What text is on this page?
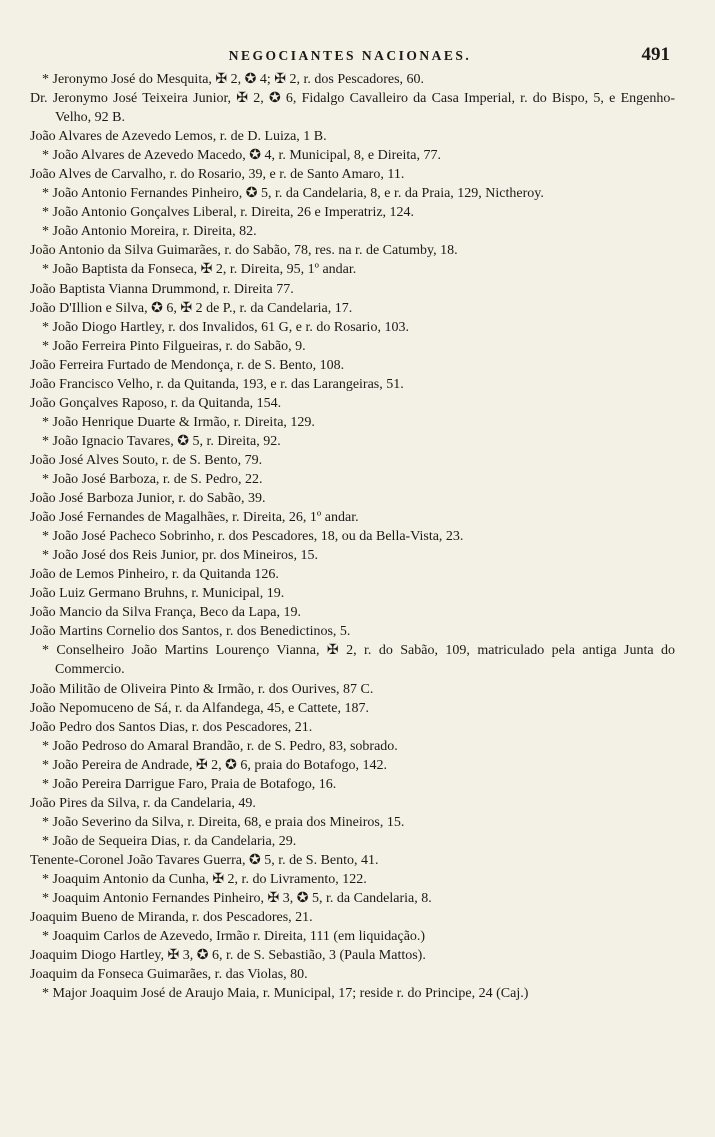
NEGOCIANTES NACIONAES.	491

* Jeronymo José do Mesquita, ✠ 2, ✪ 4; ✠ 2, r. dos Pescadores, 60.

Dr. Jeronymo José Teixeira Junior, ✠ 2, ✪ 6, Fidalgo Cavalleiro da Casa Imperial, r. do Bispo, 5, e Engenho-Velho, 92 B.

João Alvares de Azevedo Lemos, r. de D. Luiza, 1 B.

* João Alvares de Azevedo Macedo, ✪ 4, r. Municipal, 8, e Direita, 77.

João Alves de Carvalho, r. do Rosario, 39, e r. de Santo Amaro, 11.

* João Antonio Fernandes Pinheiro, ✪ 5, r. da Candelaria, 8, e r. da Praia, 129, Nictheroy.

* João Antonio Gonçalves Liberal, r. Direita, 26 e Imperatriz, 124.

* João Antonio Moreira, r. Direita, 82.

João Antonio da Silva Guimarães, r. do Sabão, 78, res. na r. de Catumby, 18.

* João Baptista da Fonseca, ✠ 2, r. Direita, 95, 1º andar.

João Baptista Vianna Drummond, r. Direita 77.

João D'Illion e Silva, ✪ 6, ✠ 2 de P., r. da Candelaria, 17.

* João Diogo Hartley, r. dos Invalidos, 61 G, e r. do Rosario, 103.

* João Ferreira Pinto Filgueiras, r. do Sabão, 9.

João Ferreira Furtado de Mendonça, r. de S. Bento, 108.

João Francisco Velho, r. da Quitanda, 193, e r. das Larangeiras, 51.

João Gonçalves Raposo, r. da Quitanda, 154.

* João Henrique Duarte & Irmão, r. Direita, 129.

* João Ignacio Tavares, ✪ 5, r. Direita, 92.

João José Alves Souto, r. de S. Bento, 79.

* João José Barboza, r. de S. Pedro, 22.

João José Barboza Junior, r. do Sabão, 39.

João José Fernandes de Magalhães, r. Direita, 26, 1º andar.

* João José Pacheco Sobrinho, r. dos Pescadores, 18, ou da Bella-Vista, 23.

* João José dos Reis Junior, pr. dos Mineiros, 15.

João de Lemos Pinheiro, r. da Quitanda 126.

João Luiz Germano Bruhns, r. Municipal, 19.

João Mancio da Silva França, Beco da Lapa, 19.

João Martins Cornelio dos Santos, r. dos Benedictinos, 5.

* Conselheiro João Martins Lourenço Vianna, ✠ 2, r. do Sabão, 109, matriculado pela antiga Junta do Commercio.

João Militão de Oliveira Pinto & Irmão, r. dos Ourives, 87 C.

João Nepomuceno de Sá, r. da Alfandega, 45, e Cattete, 187.

João Pedro dos Santos Dias, r. dos Pescadores, 21.

* João Pedroso do Amaral Brandão, r. de S. Pedro, 83, sobrado.

* João Pereira de Andrade, ✠ 2, ✪ 6, praia do Botafogo, 142.

* João Pereira Darrigue Faro, Praia de Botafogo, 16.

João Pires da Silva, r. da Candelaria, 49.

* João Severino da Silva, r. Direita, 68, e praia dos Mineiros, 15.

* João de Sequeira Dias, r. da Candelaria, 29.

Tenente-Coronel João Tavares Guerra, ✪ 5, r. de S. Bento, 41.

* Joaquim Antonio da Cunha, ✠ 2, r. do Livramento, 122.

* Joaquim Antonio Fernandes Pinheiro, ✠ 3, ✪ 5, r. da Candelaria, 8.

Joaquim Bueno de Miranda, r. dos Pescadores, 21.

* Joaquim Carlos de Azevedo, Irmão r. Direita, 111 (em liquidação.)

Joaquim Diogo Hartley, ✠ 3, ✪ 6, r. de S. Sebastião, 3 (Paula Mattos).

Joaquim da Fonseca Guimarães, r. das Violas, 80.

* Major Joaquim José de Araujo Maia, r. Municipal, 17; reside r. do Principe, 24 (Caj.)
